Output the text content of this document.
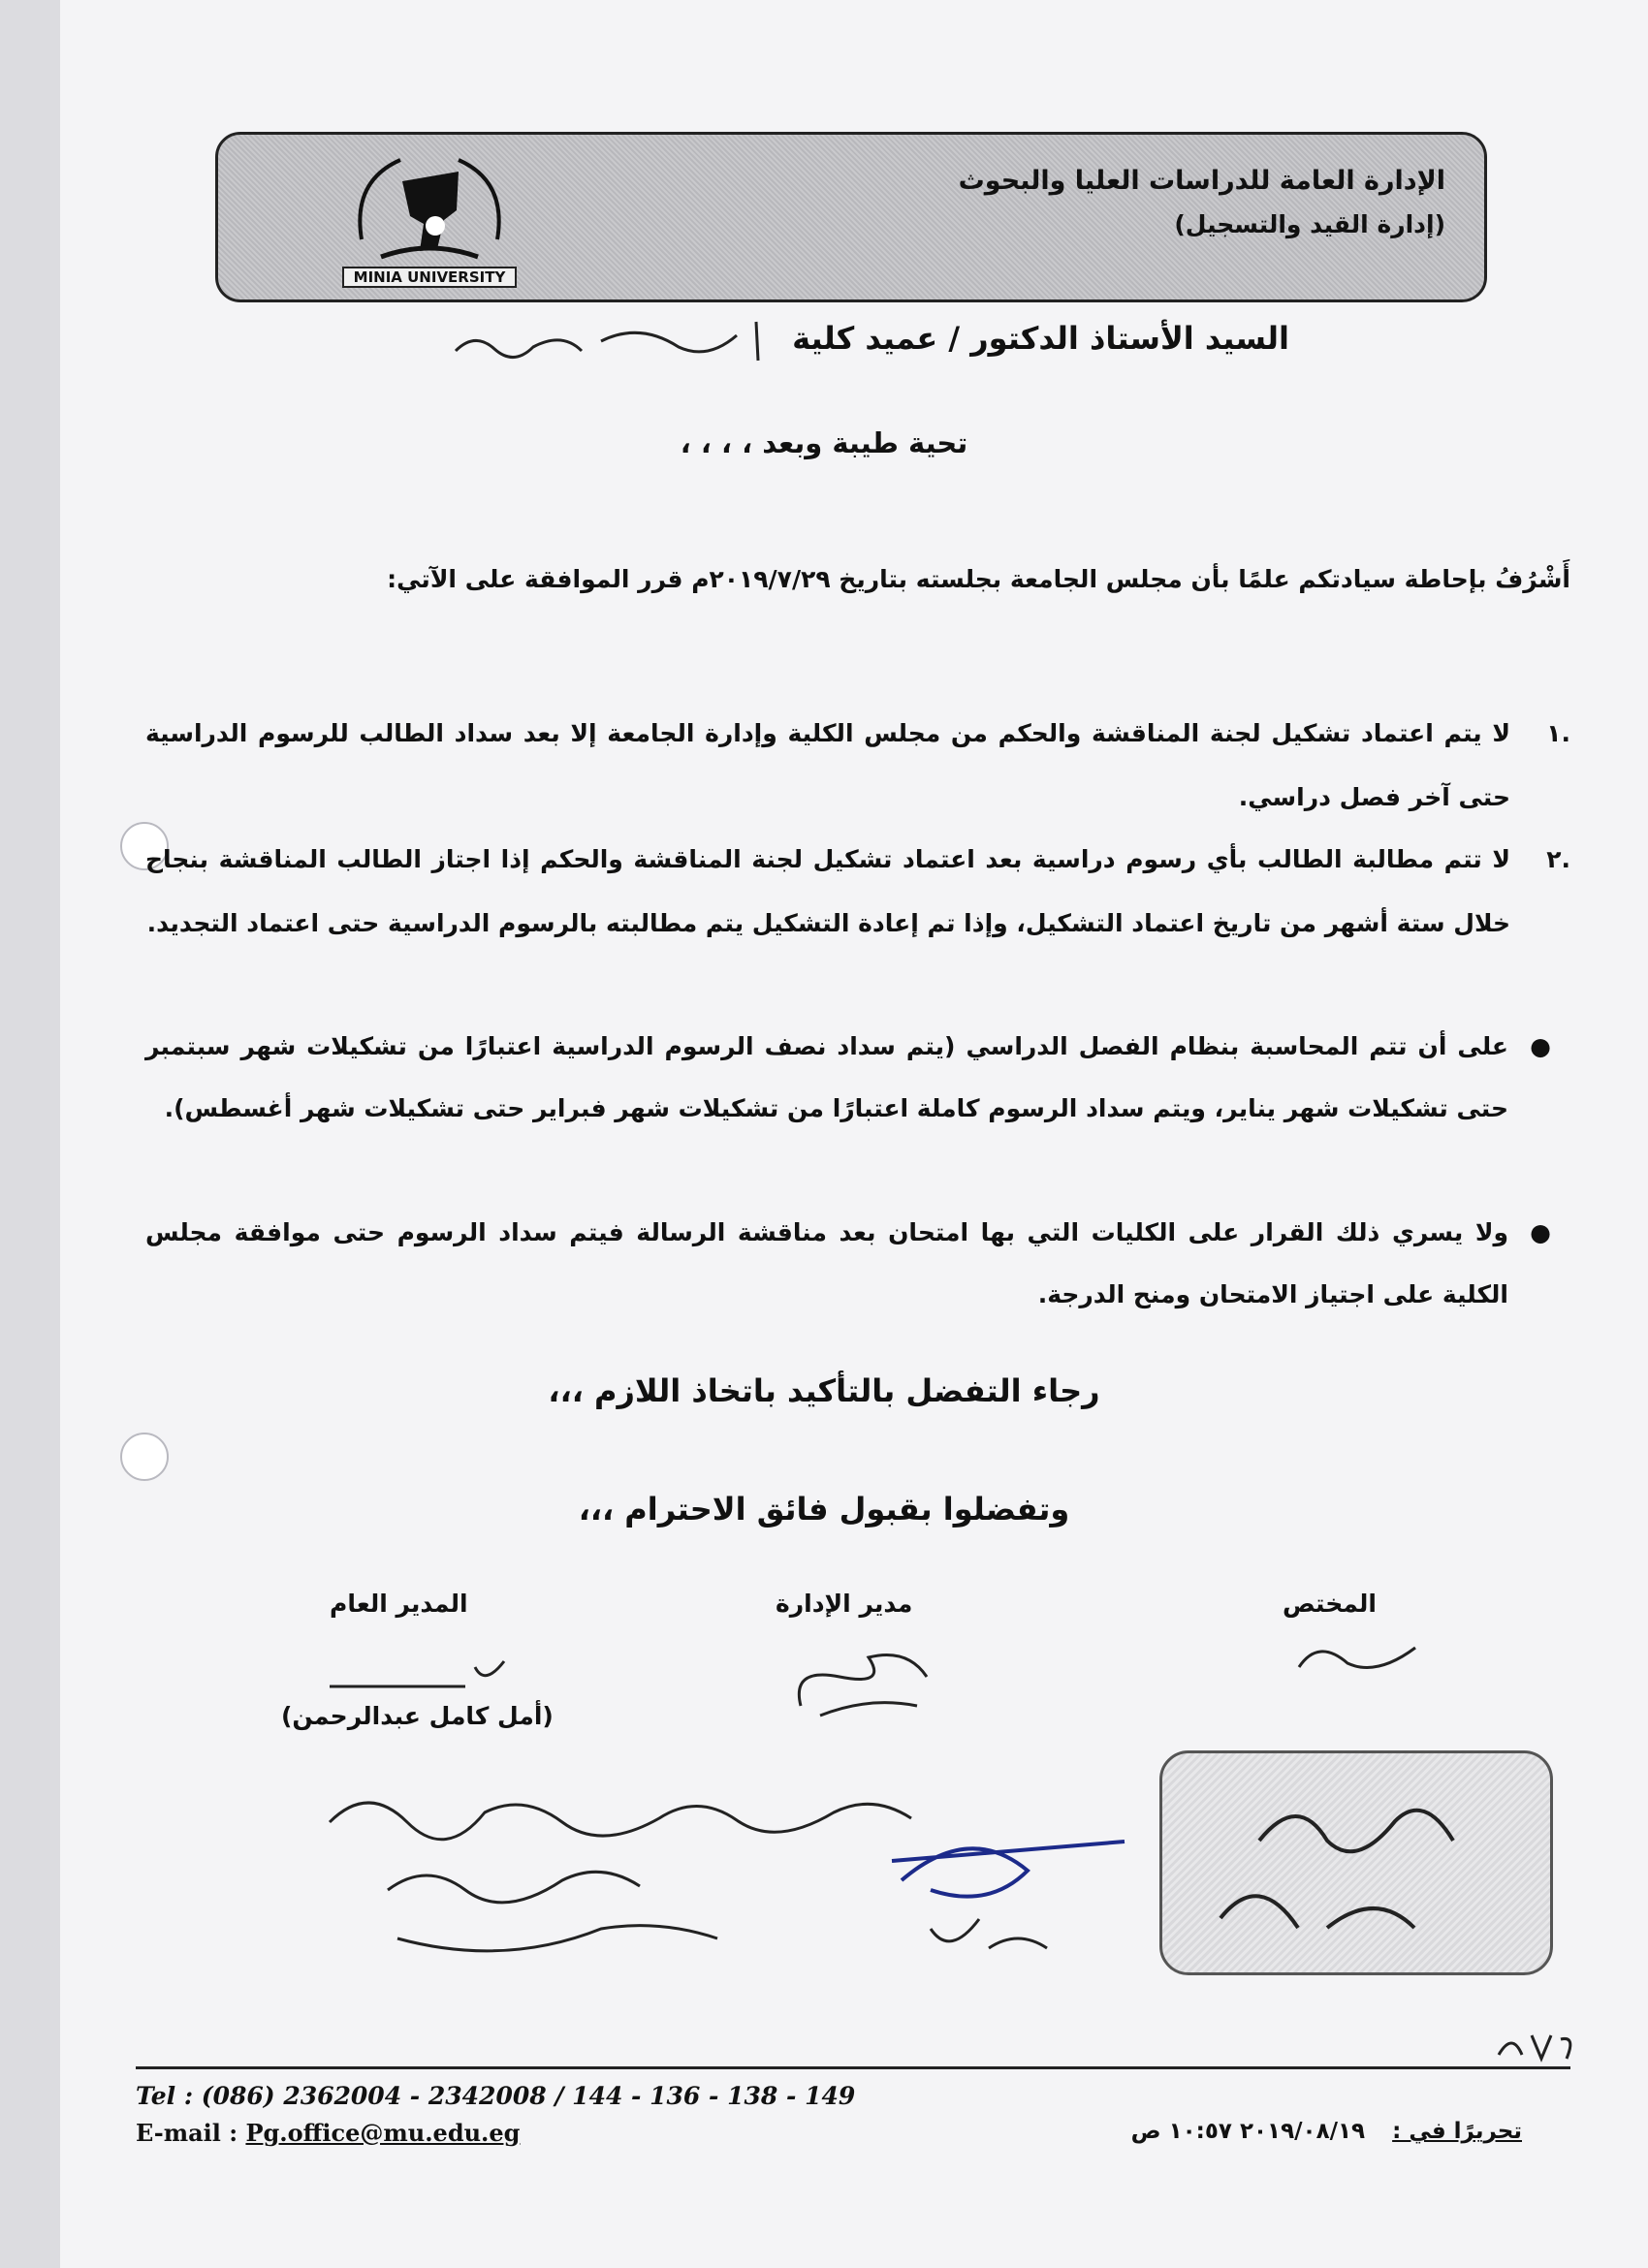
MINIA UNIVERSITY
الإدارة العامة للدراسات العليا والبحوث
(إدارة القيد والتسجيل)
السيد الأستاذ الدكتور / عميد كلية
تحية طيبة وبعد ، ، ، ،
أَشْرُفُ بإحاطة سيادتكم علمًا بأن مجلس الجامعة بجلسته بتاريخ ٢٠١٩/٧/٢٩م قرر الموافقة على الآتي:
.١
لا يتم اعتماد تشكيل لجنة المناقشة والحكم من مجلس الكلية وإدارة الجامعة إلا بعد سداد الطالب للرسوم الدراسية حتى آخر فصل دراسي.
.٢
لا تتم مطالبة الطالب بأي رسوم دراسية بعد اعتماد تشكيل لجنة المناقشة والحكم إذا اجتاز الطالب المناقشة بنجاح خلال ستة أشهر من تاريخ اعتماد التشكيل، وإذا تم إعادة التشكيل يتم مطالبته بالرسوم الدراسية حتى اعتماد التجديد.
●
على أن تتم المحاسبة بنظام الفصل الدراسي (يتم سداد نصف الرسوم الدراسية اعتبارًا من تشكيلات شهر سبتمبر حتى تشكيلات شهر يناير، ويتم سداد الرسوم كاملة اعتبارًا من تشكيلات شهر فبراير حتى تشكيلات شهر أغسطس).
●
ولا يسري ذلك القرار على الكليات التي بها امتحان بعد مناقشة الرسالة فيتم سداد الرسوم حتى موافقة مجلس الكلية على اجتياز الامتحان ومنح الدرجة.
رجاء التفضل بالتأكيد باتخاذ اللازم ،،،
وتفضلوا بقبول فائق الاحترام ،،،
المختص
مدير الإدارة
المدير العام
(أمل كامل عبدالرحمن)
Tel : (086) 2362004 - 2342008 / 144 - 136 - 138 - 149
E-mail : Pg.office@mu.edu.eg	تحريرًا في : ٢٠١٩/٠٨/١٩ ١٠:٥٧ ص
